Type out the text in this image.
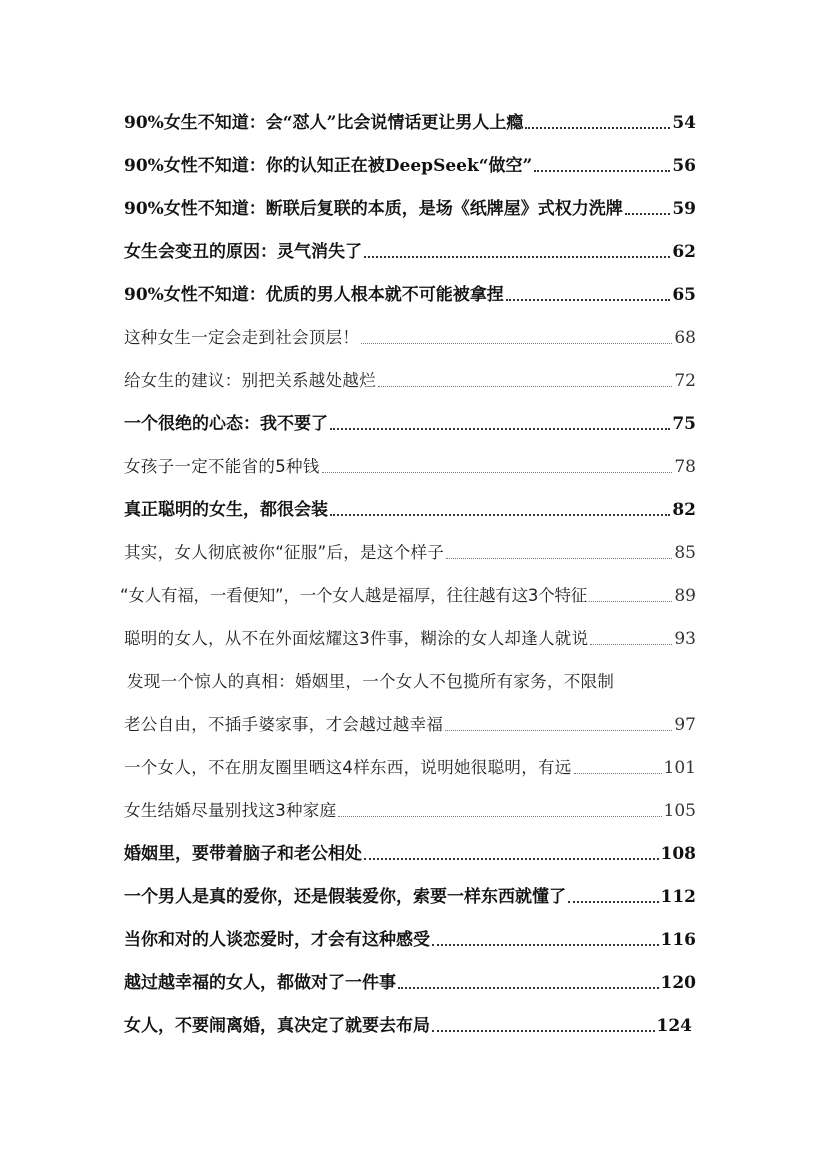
90%女生不知道：会“怼人”比会说情话更让男人上瘾	54
90%女性不知道：你的认知正在被DeepSeek“做空”	56
90%女性不知道：断联后复联的本质，是场《纸牌屋》式权力洗牌	59
女生会变丑的原因：灵气消失了	62
90%女性不知道：优质的男人根本就不可能被拿捏	65
这种女生一定会走到社会顶层！	68
给女生的建议：别把关系越处越烂	72
一个很绝的心态：我不要了	75
女孩子一定不能省的5种钱	78
真正聪明的女生，都很会装	82
其实，女人彻底被你“征服”后，是这个样子	85
“女人有福，一看便知”，一个女人越是福厚，往往越有这3个特征	89
聪明的女人，从不在外面炫耀这3件事，糊涂的女人却逢人就说	93
发现一个惊人的真相：婚姻里，一个女人不包揽所有家务，不限制
老公自由，不插手婆家事，才会越过越幸福	97
一个女人，不在朋友圈里晒这4样东西，说明她很聪明，有远	101
女生结婚尽量别找这3种家庭	105
婚姻里，要带着脑子和老公相处	108
一个男人是真的爱你，还是假装爱你，索要一样东西就懂了	112
当你和对的人谈恋爱时，才会有这种感受	116
越过越幸福的女人，都做对了一件事	120
女人，不要闹离婚，真决定了就要去布局	124
